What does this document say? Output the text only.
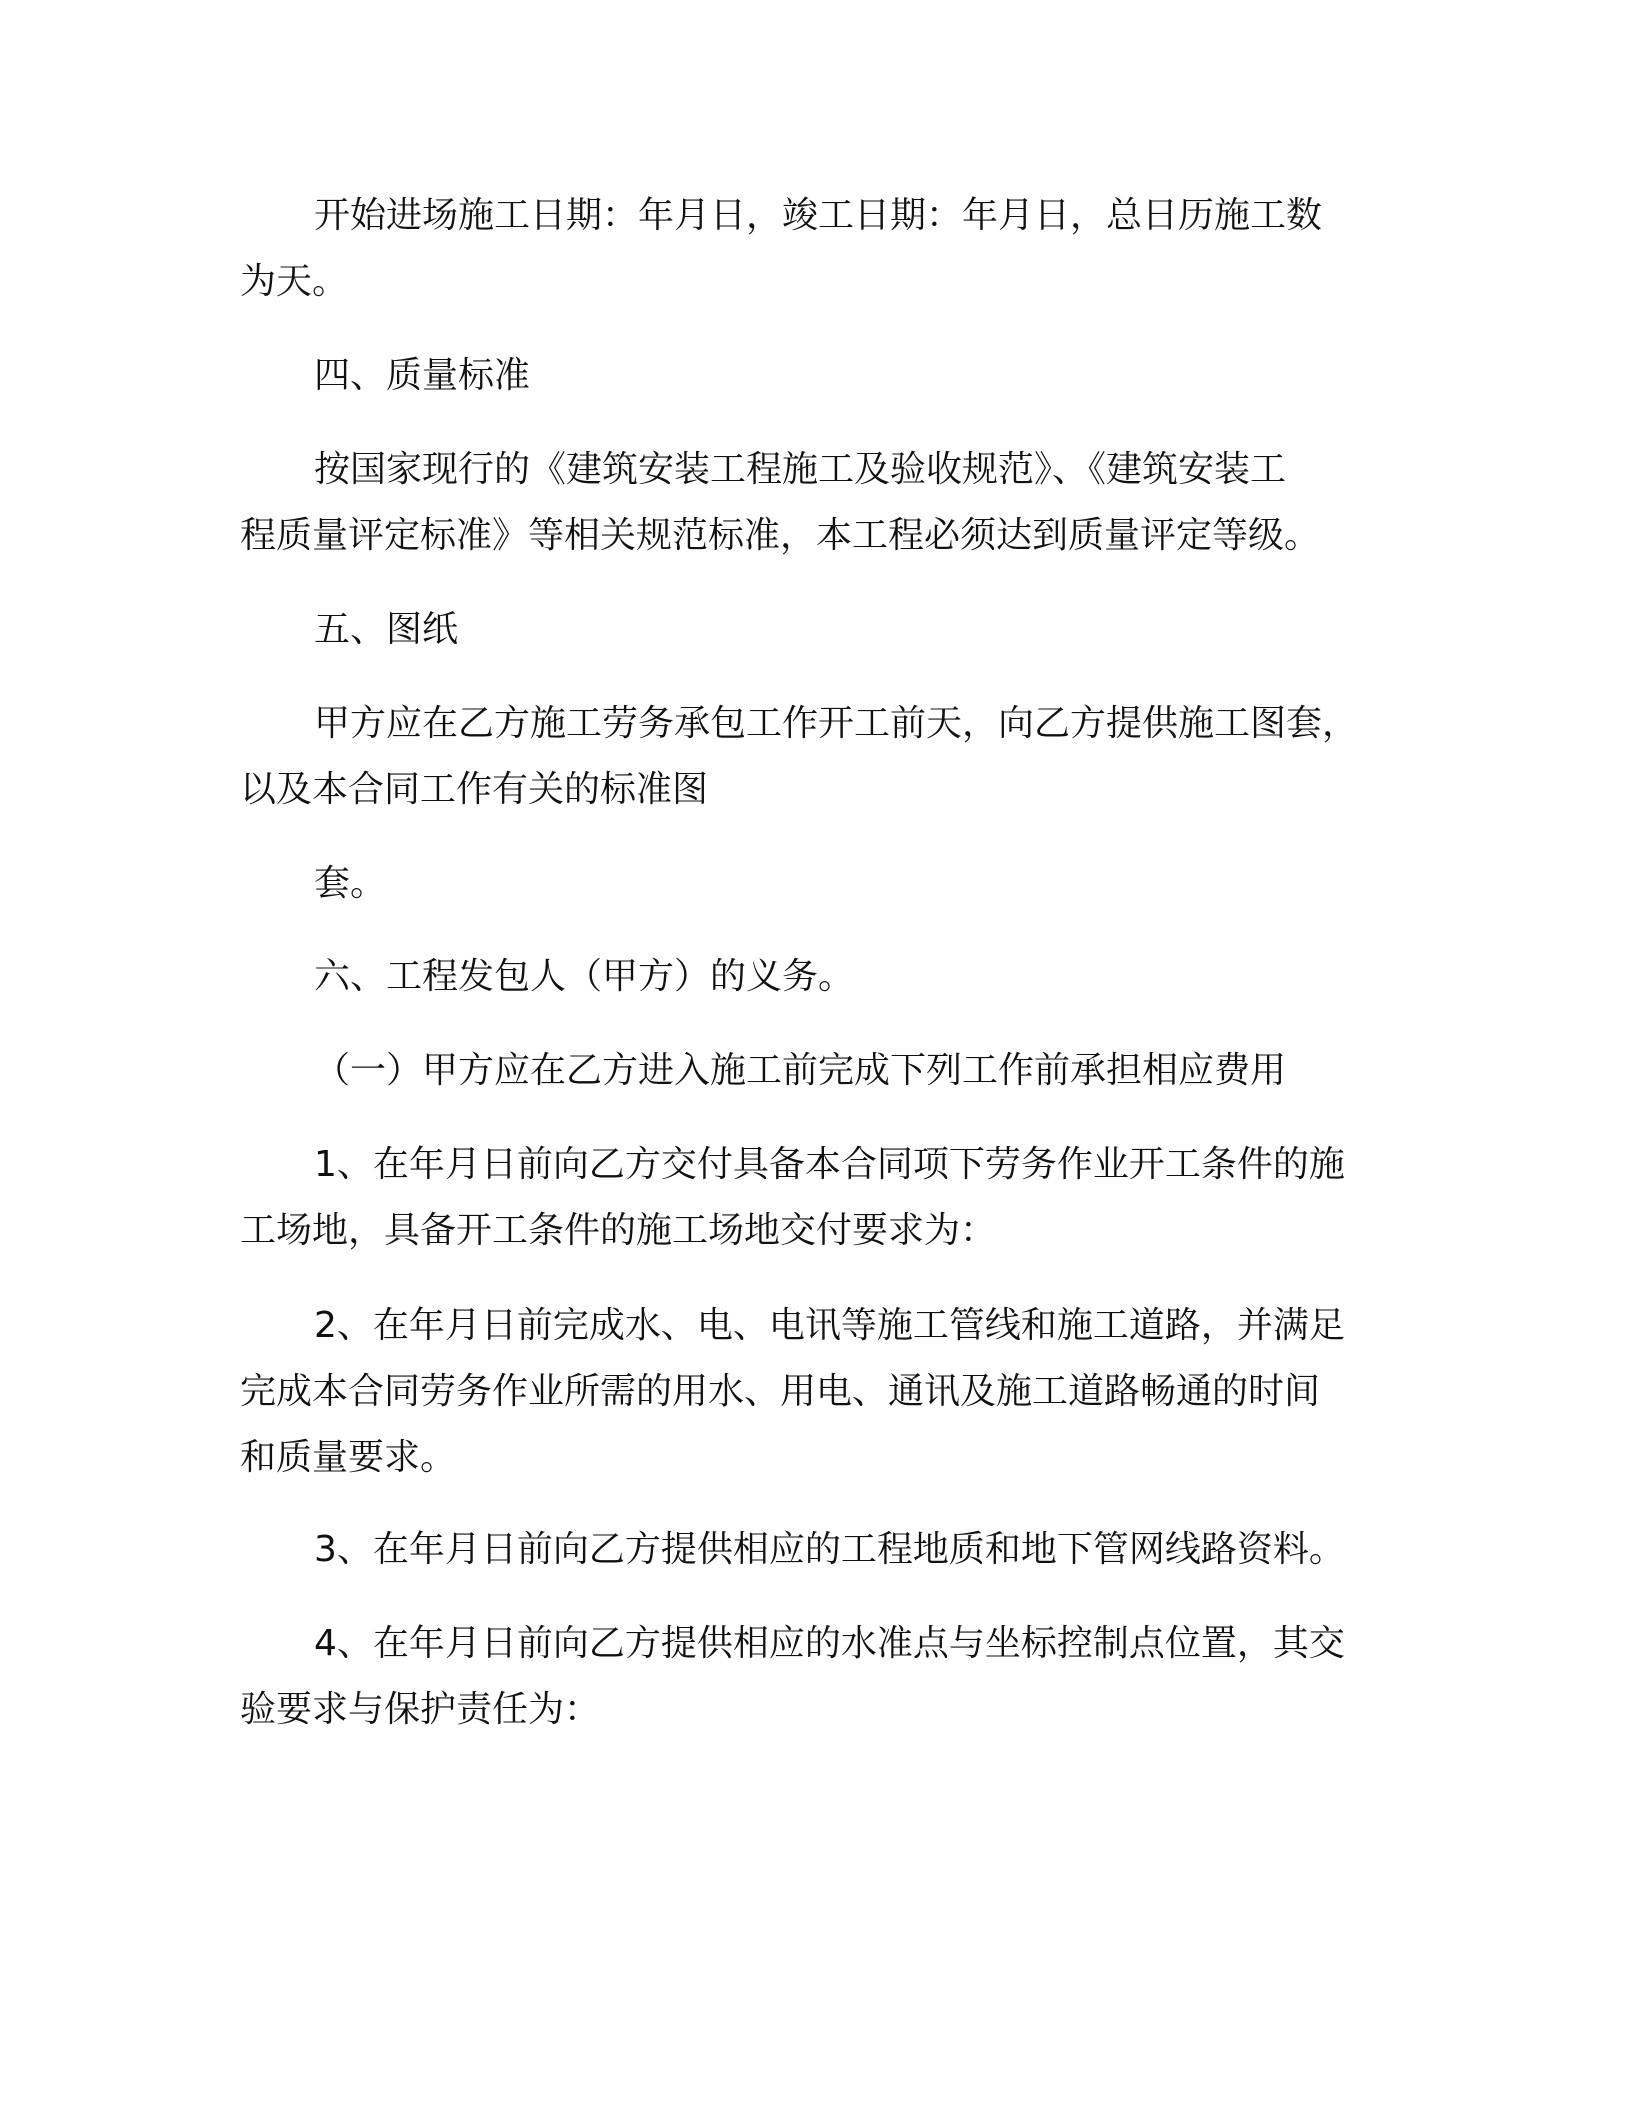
开始进场施工日期：年月日，竣工日期：年月日，总日历施工数
为天。
四、质量标准
按国家现行的《建筑安装工程施工及验收规范》、《建筑安装工
程质量评定标准》等相关规范标准，本工程必须达到质量评定等级。
五、图纸
甲方应在乙方施工劳务承包工作开工前天，向乙方提供施工图套，
以及本合同工作有关的标准图
套。
六、工程发包人（甲方）的义务。
（一）甲方应在乙方进入施工前完成下列工作前承担相应费用
1、在年月日前向乙方交付具备本合同项下劳务作业开工条件的施
工场地，具备开工条件的施工场地交付要求为：
2、在年月日前完成水、电、电讯等施工管线和施工道路，并满足
完成本合同劳务作业所需的用水、用电、通讯及施工道路畅通的时间
和质量要求。
3、在年月日前向乙方提供相应的工程地质和地下管网线路资料。
4、在年月日前向乙方提供相应的水准点与坐标控制点位置，其交
验要求与保护责任为：
